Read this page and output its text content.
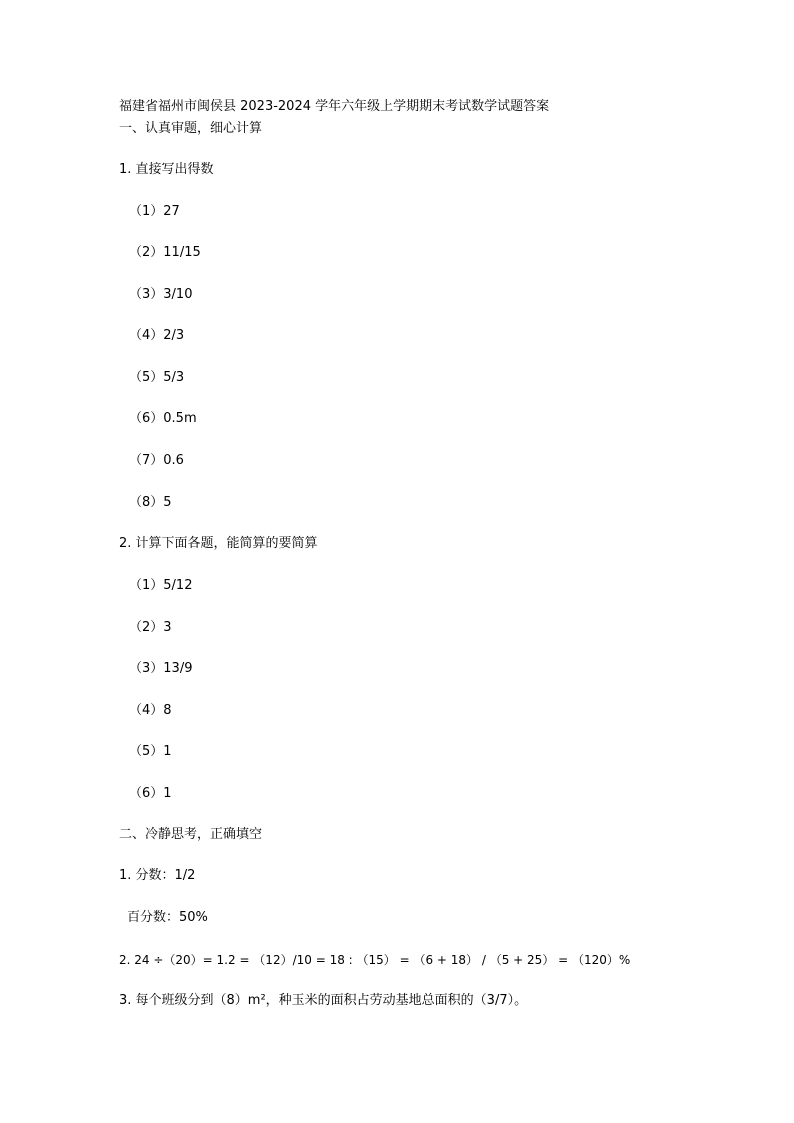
福建省福州市闽侯县 2023-2024 学年六年级上学期期末考试数学试题答案
一、认真审题，细心计算
1. 直接写出得数
（1）27
（2）11/15
（3）3/10
（4）2/3
（5）5/3
（6）0.5m
（7）0.6
（8）5
2. 计算下面各题，能简算的要简算
（1）5/12
（2）3
（3）13/9
（4）8
（5）1
（6）1
二、冷静思考，正确填空
1. 分数：1/2
百分数：50%
2. 24 ÷（20）= 1.2 = （12）/10 = 18 : （15） = （6 + 18） / （5 + 25） = （120）%
3. 每个班级分到（8）m²，种玉米的面积占劳动基地总面积的（3/7）。
